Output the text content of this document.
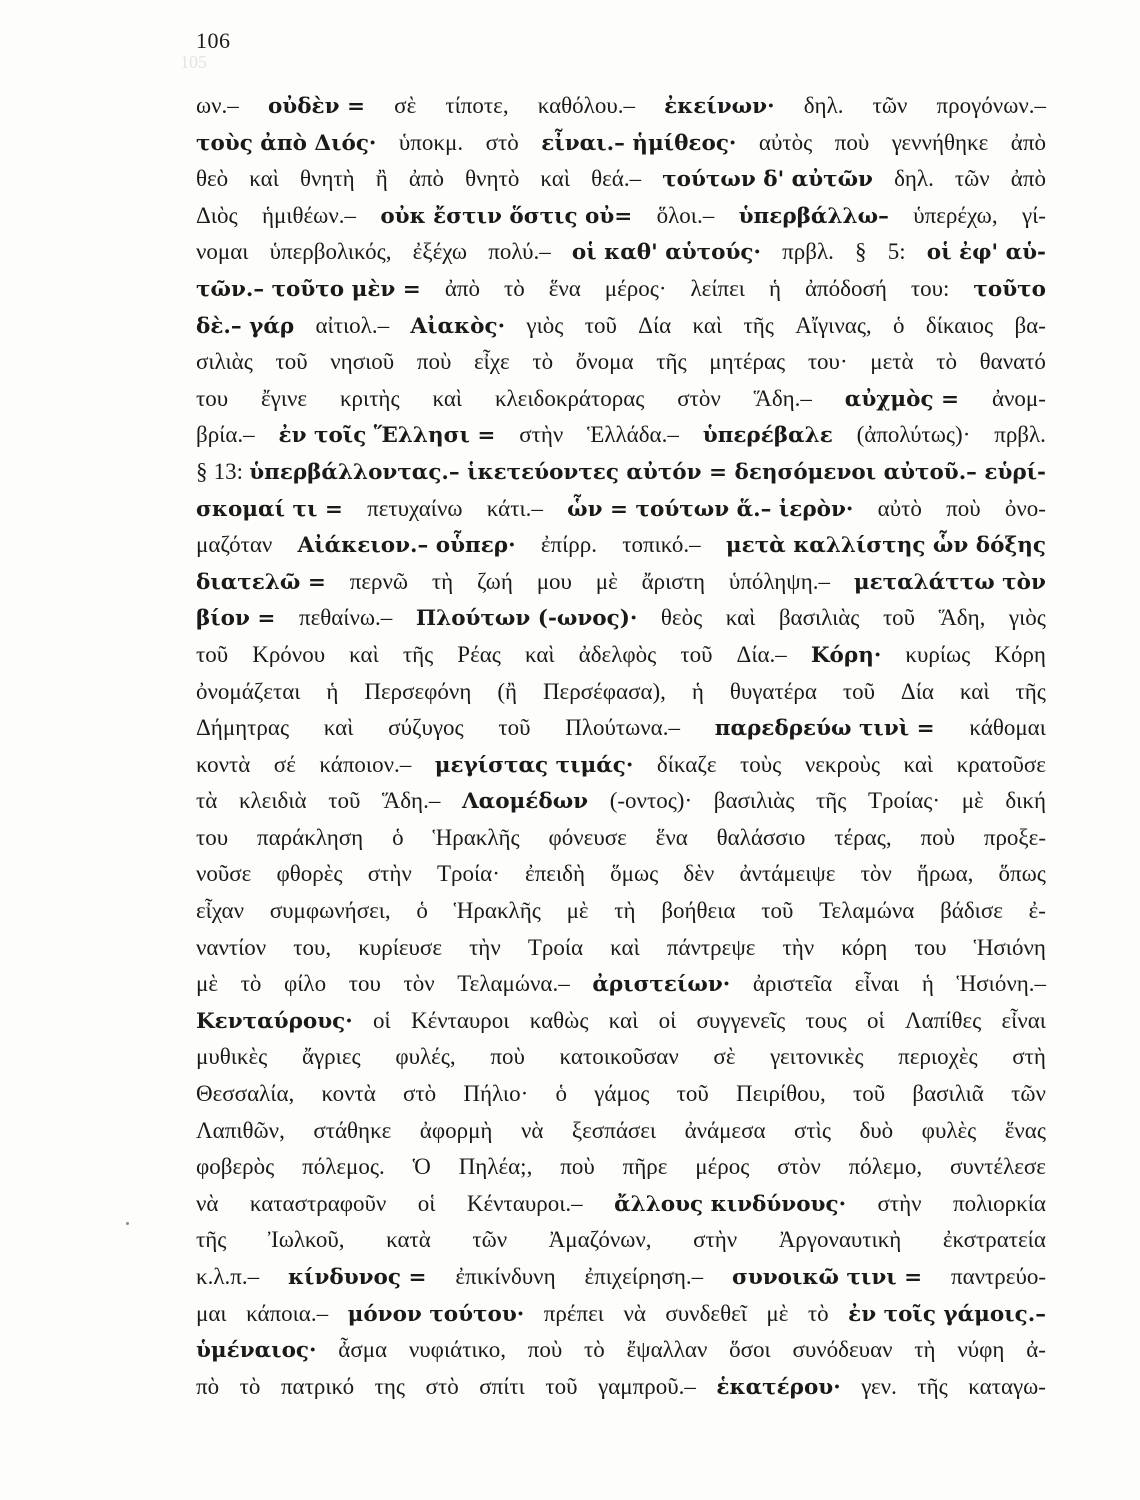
106
105
ων.– οὐδὲν = σὲ τίποτε, καθόλου.– ἐκείνων· δηλ. τῶν προγόνων.–
τοὺς ἀπὸ Διός· ὑποκμ. στὸ εἶναι.– ἡμίθεος· αὐτὸς ποὺ γεννήθηκε ἀπὸ
θεὸ καὶ θνητὴ ἢ ἀπὸ θνητὸ καὶ θεά.– τούτων δ' αὐτῶν δηλ. τῶν ἀπὸ
Διὸς ἡμιθέων.– οὐκ ἔστιν ὅστις οὐ= ὅλοι.– ὑπερβάλλω– ὑπερέχω, γί-
νομαι ὑπερβολικός, ἐξέχω πολύ.– οἱ καθ' αὑτούς· πρβλ. § 5: οἱ ἐφ' αὑ-
τῶν.– τοῦτο μὲν = ἀπὸ τὸ ἕνα μέρος· λείπει ἡ ἀπόδοσή του: τοῦτο
δὲ.– γάρ αἰτιολ.– Αἰακὸς· γιὸς τοῦ Δία καὶ τῆς Αἴγινας, ὁ δίκαιος βα-
σιλιὰς τοῦ νησιοῦ ποὺ εἶχε τὸ ὄνομα τῆς μητέρας του· μετὰ τὸ θανατό
του ἔγινε κριτὴς καὶ κλειδοκράτορας στὸν Ἅδη.– αὐχμὸς = ἀνομ-
βρία.– ἐν τοῖς Ἕλλησι = στὴν Ἑλλάδα.– ὑπερέβαλε (ἀπολύτως)· πρβλ.
§ 13: ὑπερβάλλοντας.– ἱκετεύοντες αὐτόν = δεησόμενοι αὐτοῦ.– εὑρί-
σκομαί τι = πετυχαίνω κάτι.– ὧν = τούτων ἅ.– ἱερὸν· αὐτὸ ποὺ ὀνο-
μαζόταν Αἰάκειον.– οὗπερ· ἐπίρρ. τοπικό.– μετὰ καλλίστης ὧν δόξης
διατελῶ = περνῶ τὴ ζωή μου μὲ ἄριστη ὑπόληψη.– μεταλάττω τὸν
βίον = πεθαίνω.– Πλούτων (-ωνος)· θεὸς καὶ βασιλιὰς τοῦ Ἅδη, γιὸς
τοῦ Κρόνου καὶ τῆς Ρέας καὶ ἀδελφὸς τοῦ Δία.– Κόρη· κυρίως Κόρη
ὀνομάζεται ἡ Περσεφόνη (ἢ Περσέφασα), ἡ θυγατέρα τοῦ Δία καὶ τῆς
Δήμητρας καὶ σύζυγος τοῦ Πλούτωνα.– παρεδρεύω τινὶ = κάθομαι
κοντὰ σέ κάποιον.– μεγίστας τιμάς· δίκαζε τοὺς νεκροὺς καὶ κρατοῦσε
τὰ κλειδιὰ τοῦ Ἅδη.– Λαομέδων (-οντος)· βασιλιὰς τῆς Τροίας· μὲ δική
του παράκληση ὁ Ἡρακλῆς φόνευσε ἕνα θαλάσσιο τέρας, ποὺ προξε-
νοῦσε φθορὲς στὴν Τροία· ἐπειδὴ ὅμως δὲν ἀντάμειψε τὸν ἥρωα, ὅπως
εἶχαν συμφωνήσει, ὁ Ἡρακλῆς μὲ τὴ βοήθεια τοῦ Τελαμώνα βάδισε ἐ-
ναντίον του, κυρίευσε τὴν Τροία καὶ πάντρεψε τὴν κόρη του Ἡσιόνη
μὲ τὸ φίλο του τὸν Τελαμώνα.– ἀριστείων· ἀριστεῖα εἶναι ἡ Ἡσιόνη.–
Κενταύρους· οἱ Κένταυροι καθὼς καὶ οἱ συγγενεῖς τους οἱ Λαπίθες εἶναι
μυθικὲς ἄγριες φυλές, ποὺ κατοικοῦσαν σὲ γειτονικὲς περιοχὲς στὴ
Θεσσαλία, κοντὰ στὸ Πήλιο· ὁ γάμος τοῦ Πειρίθου, τοῦ βασιλιᾶ τῶν
Λαπιθῶν, στάθηκε ἀφορμὴ νὰ ξεσπάσει ἀνάμεσα στὶς δυὸ φυλὲς ἕνας
φοβερὸς πόλεμος. Ὁ Πηλέα;, ποὺ πῆρε μέρος στὸν πόλεμο, συντέλεσε
νὰ καταστραφοῦν οἱ Κένταυροι.– ἄλλους κινδύνους· στὴν πολιορκία
τῆς Ἰωλκοῦ, κατὰ τῶν Ἀμαζόνων, στὴν Ἀργοναυτικὴ ἐκστρατεία
κ.λ.π.– κίνδυνος = ἐπικίνδυνη ἐπιχείρηση.– συνοικῶ τινι = παντρεύο-
μαι κάποια.– μόνον τούτου· πρέπει νὰ συνδεθεῖ μὲ τὸ ἐν τοῖς γάμοις.–
ὑμέναιος· ἆσμα νυφιάτικο, ποὺ τὸ ἔψαλλαν ὅσοι συνόδευαν τὴ νύφη ἀ-
πὸ τὸ πατρικό της στὸ σπίτι τοῦ γαμπροῦ.– ἑκατέρου· γεν. τῆς καταγω-
